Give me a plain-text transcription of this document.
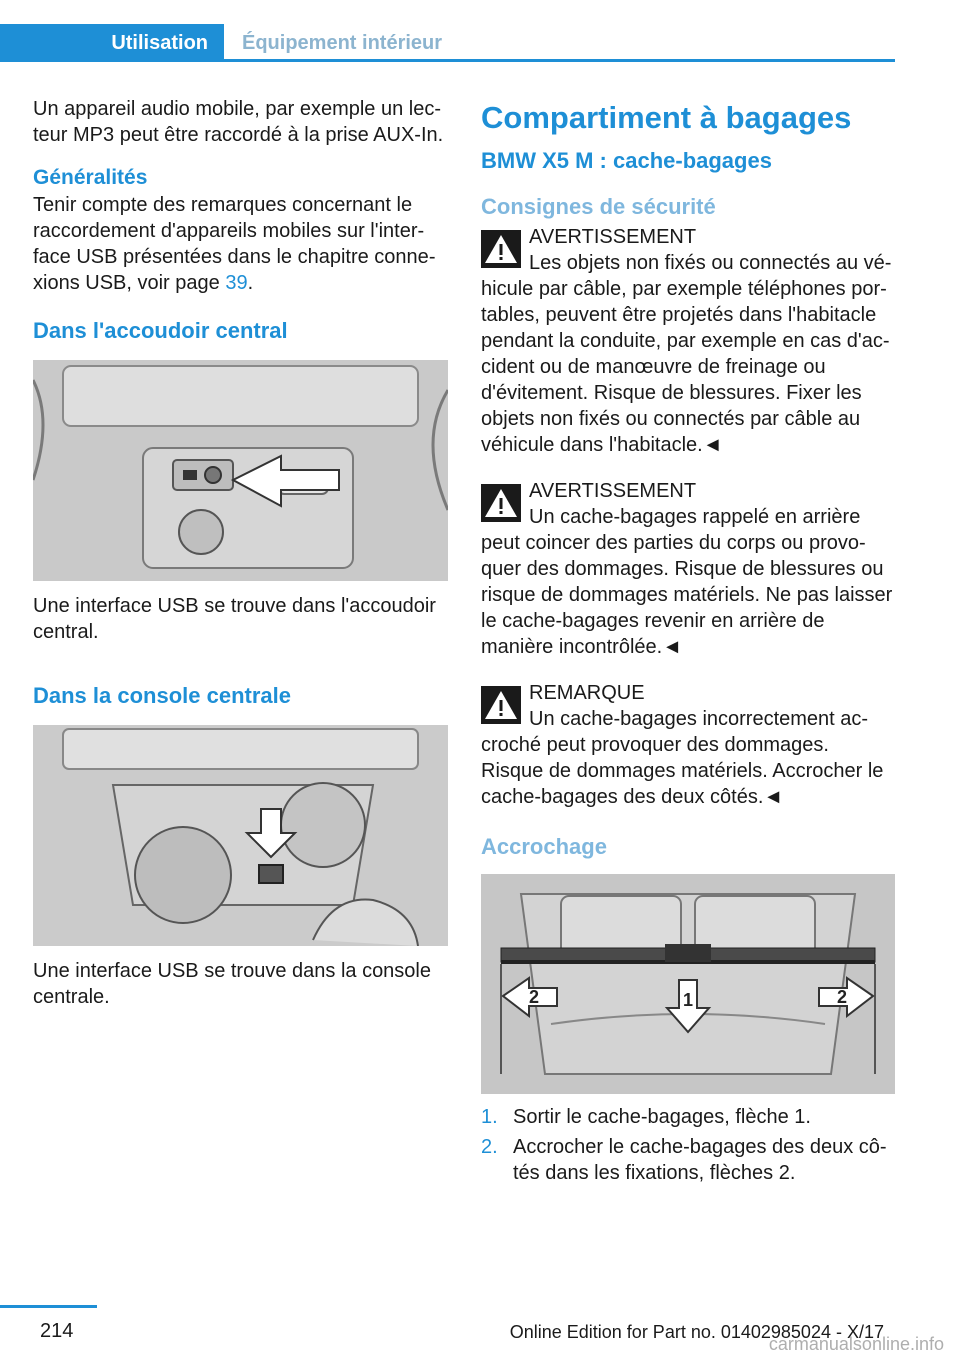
Utilisation Équipement intérieur

Un appareil audio mobile, par exemple un lecteur MP3 peut être raccordé à la prise AUX-In.

Généralités

Tenir compte des remarques concernant le raccordement d'appareils mobiles sur l'interface USB présentées dans le chapitre connexions USB, voir page 39.

Dans l'accoudoir central

Une interface USB se trouve dans l'accoudoir central.

Dans la console centrale

Une interface USB se trouve dans la console centrale.

Compartiment à bagages
BMW X5 M : cache-bagages
Consignes de sécurité

AVERTISSEMENT

Les objets non fixés ou connectés au véhicule par câble, par exemple téléphones portables, peuvent être projetés dans l'habitacle pendant la conduite, par exemple en cas d'accident ou de manœuvre de freinage ou d'évitement. Risque de blessures. Fixer les objets non fixés ou connectés par câble au véhicule dans l'habitacle.◄

AVERTISSEMENT

Un cache-bagages rappelé en arrière peut coincer des parties du corps ou provoquer des dommages. Risque de blessures ou risque de dommages matériels. Ne pas laisser le cache-bagages revenir en arrière de manière incontrôlée.◄

REMARQUE

Un cache-bagages incorrectement accroché peut provoquer des dommages. Risque de dommages matériels. Accrocher le cache-bagages des deux côtés.◄

Accrochage
2	1	2
1. Sortir le cache-bagages, flèche 1.
2. Accrocher le cache-bagages des deux côtés dans les fixations, flèches 2.
214	Online Edition for Part no. 01402985024 - X/17
carmanualsonline.info
